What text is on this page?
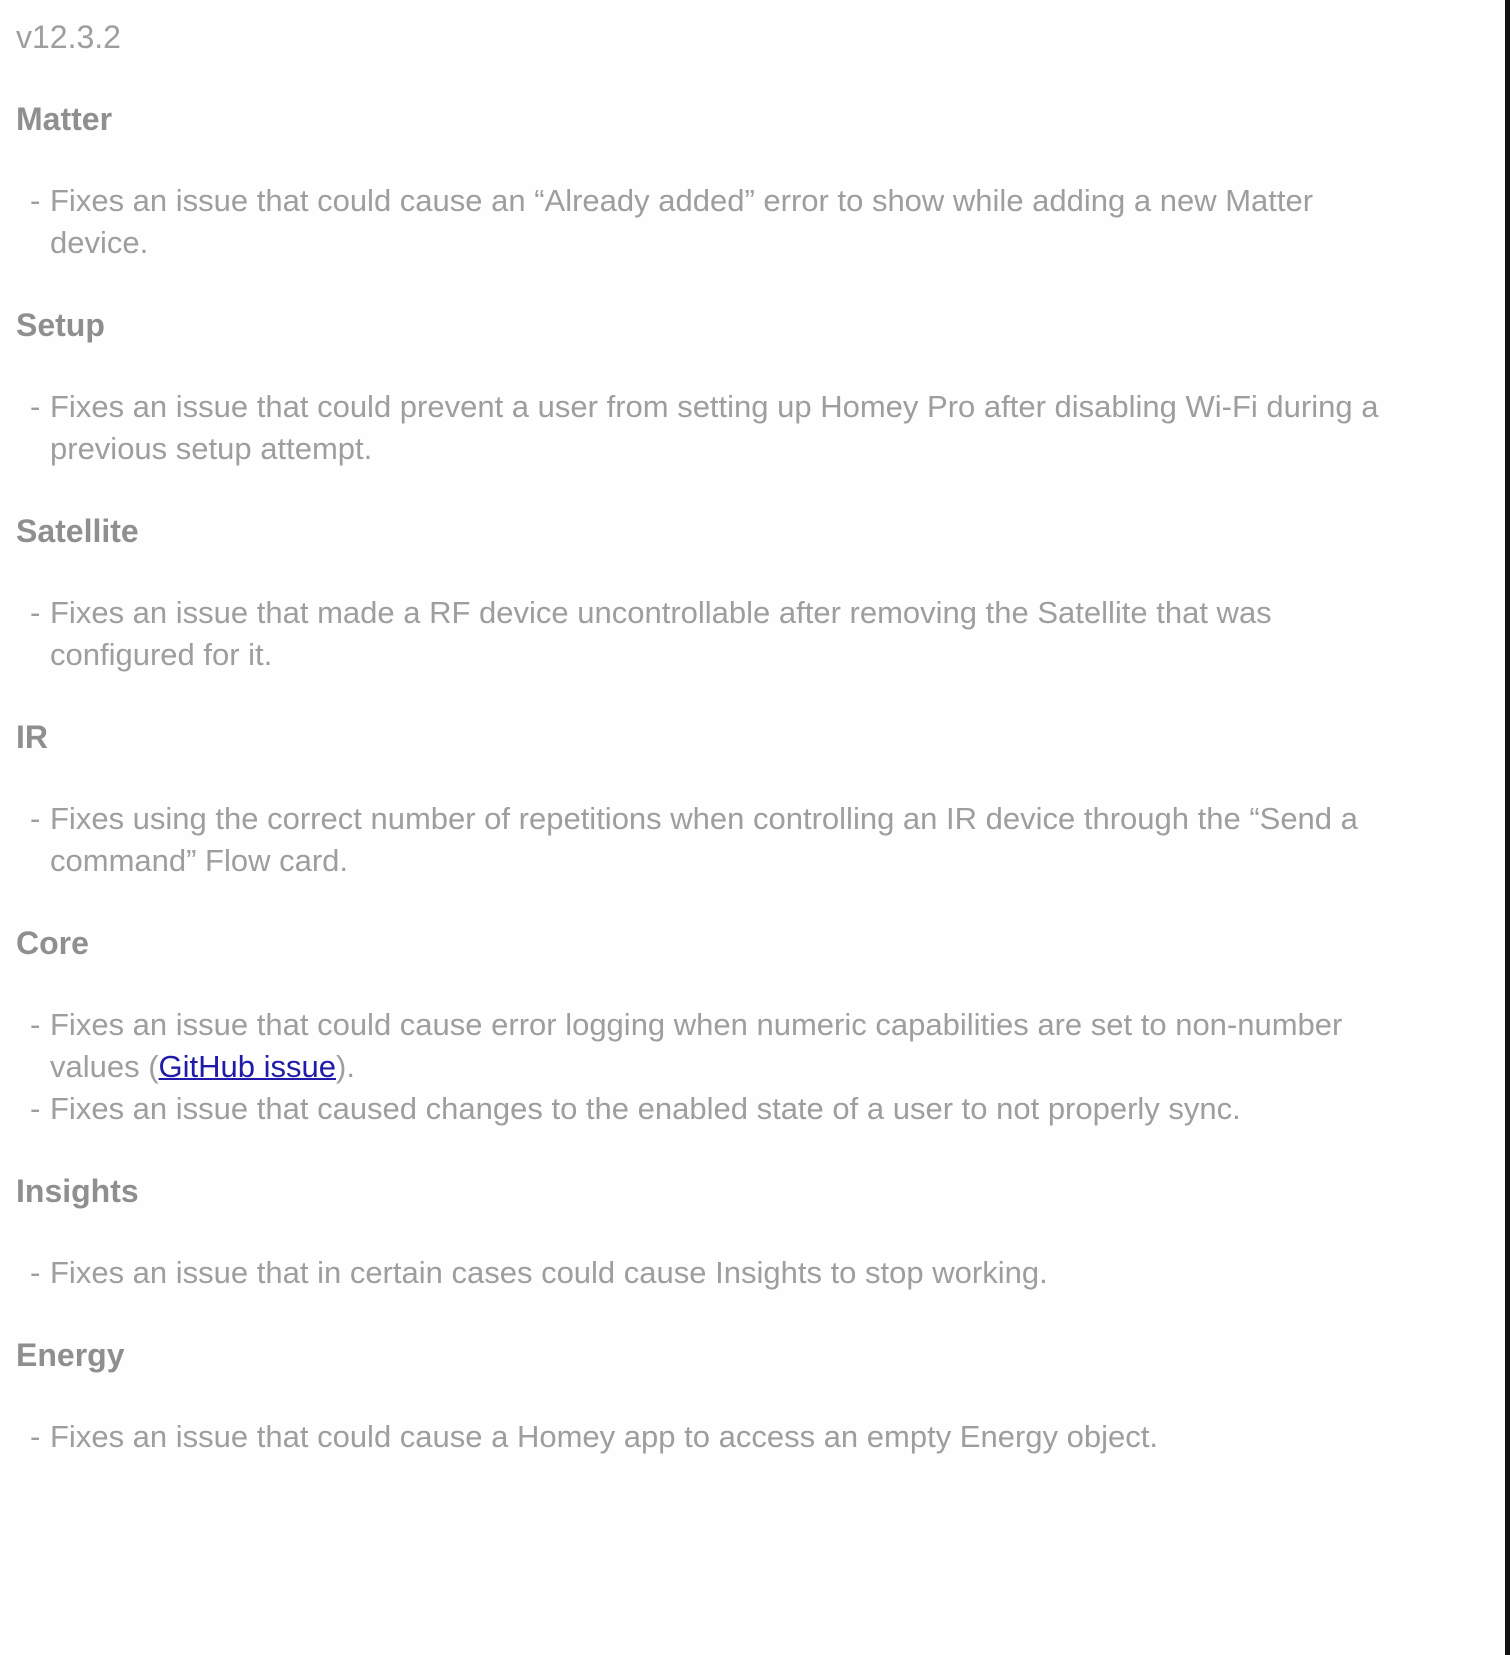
v12.3.2

Matter
- Fixes an issue that could cause an “Already added” error to show while adding a new Matter device.
Setup
- Fixes an issue that could prevent a user from setting up Homey Pro after disabling Wi-Fi during a previous setup attempt.
Satellite
- Fixes an issue that made a RF device uncontrollable after removing the Satellite that was configured for it.
IR
- Fixes using the correct number of repetitions when controlling an IR device through the “Send a command” Flow card.
Core
- Fixes an issue that could cause error logging when numeric capabilities are set to non-number values (GitHub issue).
- Fixes an issue that caused changes to the enabled state of a user to not properly sync.
Insights
- Fixes an issue that in certain cases could cause Insights to stop working.
Energy
- Fixes an issue that could cause a Homey app to access an empty Energy object.
